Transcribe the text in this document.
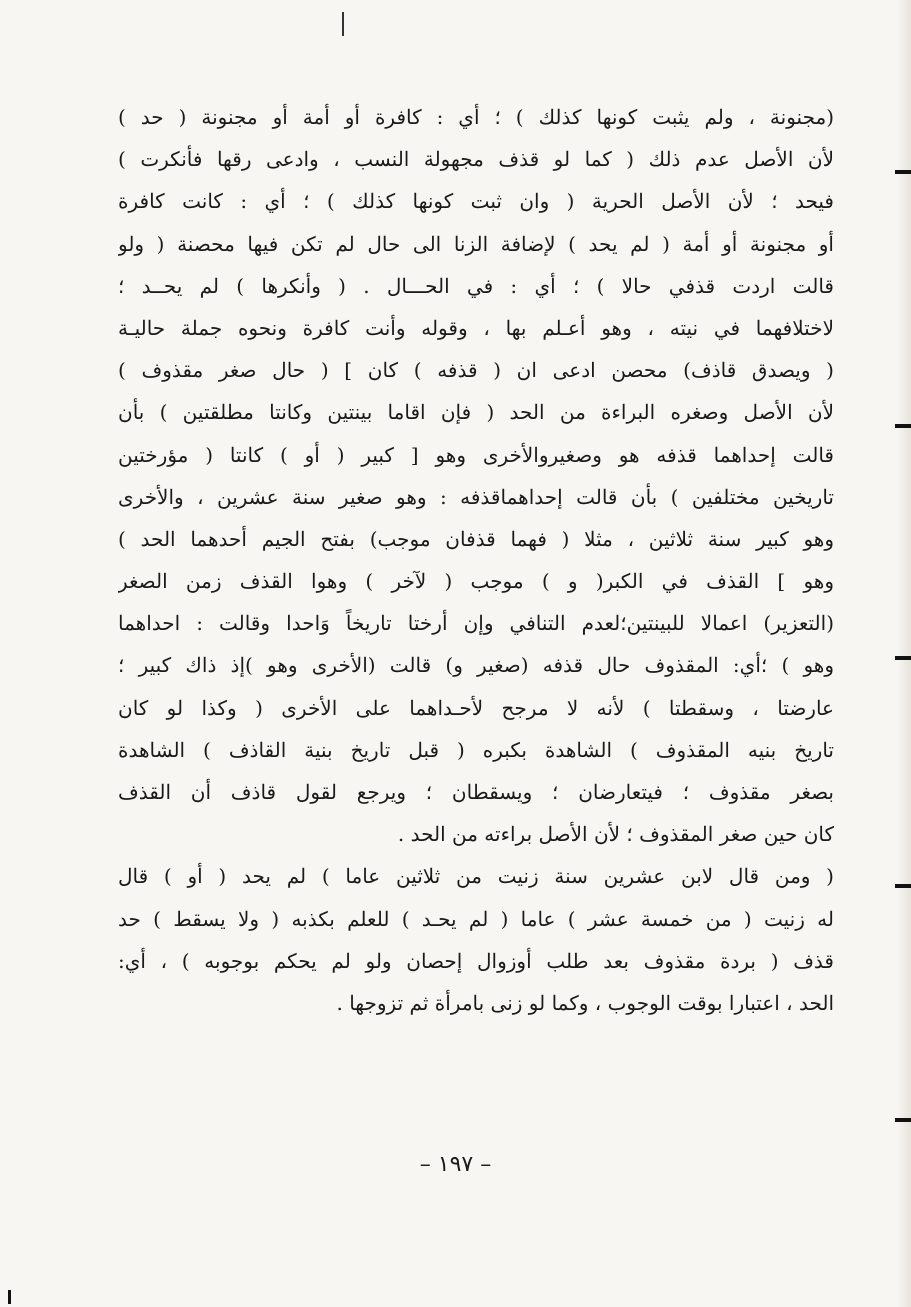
(مجنونة ، ولم يثبت كونها كذلك ) ؛ أي : كافرة أو أمة أو مجنونة ( حد )
لأن الأصل عدم ذلك ( كما لو قذف مجهولة النسب ، وادعى رقها فأنكرت )
فيحد ؛ لأن الأصل الحرية ( وان ثبت كونها كذلك ) ؛ أي : كانت كافرة
أو مجنونة أو أمة ( لم يحد ) لإضافة الزنا الى حال لم تكن فيها محصنة ( ولو
قالت اردت قذفي حالا ) ؛ أي : في الحـــال . ( وأنكرها ) لم يحــد ؛
لاختلافهما في نيته ، وهو أعـلم بها ، وقوله وأنت كافرة ونحوه جملة حاليـة
( ويصدق قاذف) محصن ادعى ان ( قذفه ) كان ] ( حال صغر مقذوف )
لأن الأصل وصغره البراءة من الحد ( فإن اقاما بينتين وكانتا مطلقتين ) بأن
قالت إحداهما قذفه هو وصغيروالأخرى وهو [ كبير ( أو ) كانتا ( مؤرختين
تاريخين مختلفين ) بأن قالت إحداهماقذفه : وهو صغير سنة عشرين ، والأخرى
وهو كبير سنة ثلاثين ، مثلا ( فهما قذفان موجب) بفتح الجيم أحدهما الحد )
وهو ] القذف في الكبر( و ) موجب ( لآخر ) وهوا القذف زمن الصغر
(التعزير) اعمالا للبينتين؛لعدم التنافي وإن أرختا تاريخاً وَاحدا وقالت : احداهما
وهو ) ؛أي: المقذوف حال قذفه (صغير و) قالت (الأخرى وهو )إذ ذاك كبير ؛
عارضتا ، وسقطتا ) لأنه لا مرجح لأحـداهما على الأخرى ( وكذا لو كان
تاريخ بنيه المقذوف ) الشاهدة بكبره ( قبل تاريخ بنية القاذف ) الشاهدة
بصغر مقذوف ؛ فيتعارضان ؛ ويسقطان ؛ ويرجع لقول قاذف أن القذف
كان حين صغر المقذوف ؛ لأن الأصل براءته من الحد .
( ومن قال لابن عشرين سنة زنيت من ثلاثين عاما ) لم يحد ( أو ) قال
له زنيت ( من خمسة عشر ) عاما ( لم يحـد ) للعلم بكذبه ( ولا يسقط ) حد
قذف ( بردة مقذوف بعد طلب أوزوال إحصان ولو لم يحكم بوجوبه ) ، أي:
الحد ، اعتبارا بوقت الوجوب ، وكما لو زنى بامرأة ثم تزوجها .
– ١٩٧ –
